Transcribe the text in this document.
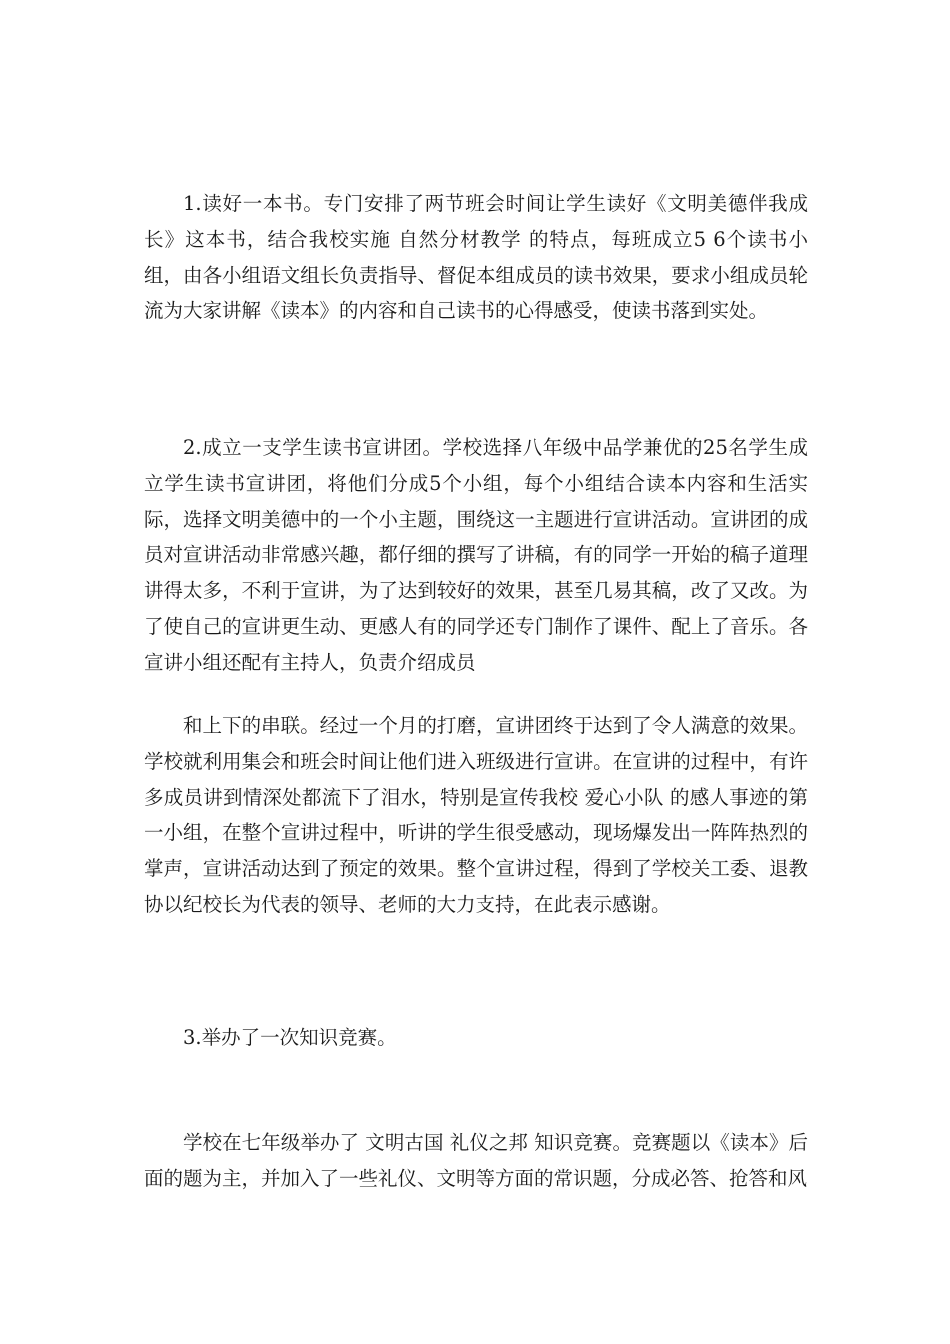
1.读好一本书。专门安排了两节班会时间让学生读好《文明美德伴我成长》这本书，结合我校实施 自然分材教学 的特点，每班成立5 6个读书小组，由各小组语文组长负责指导、督促本组成员的读书效果，要求小组成员轮流为大家讲解《读本》的内容和自己读书的心得感受，使读书落到实处。

2.成立一支学生读书宣讲团。学校选择八年级中品学兼优的25名学生成立学生读书宣讲团，将他们分成5个小组，每个小组结合读本内容和生活实际，选择文明美德中的一个小主题，围绕这一主题进行宣讲活动。宣讲团的成员对宣讲活动非常感兴趣，都仔细的撰写了讲稿，有的同学一开始的稿子道理讲得太多，不利于宣讲，为了达到较好的效果，甚至几易其稿，改了又改。为了使自己的宣讲更生动、更感人有的同学还专门制作了课件、配上了音乐。各宣讲小组还配有主持人，负责介绍成员

和上下的串联。经过一个月的打磨，宣讲团终于达到了令人满意的效果。学校就利用集会和班会时间让他们进入班级进行宣讲。在宣讲的过程中，有许多成员讲到情深处都流下了泪水，特别是宣传我校 爱心小队 的感人事迹的第一小组，在整个宣讲过程中，听讲的学生很受感动，现场爆发出一阵阵热烈的掌声，宣讲活动达到了预定的效果。整个宣讲过程，得到了学校关工委、退教协以纪校长为代表的领导、老师的大力支持，在此表示感谢。

3.举办了一次知识竞赛。

学校在七年级举办了 文明古国 礼仪之邦 知识竞赛。竞赛题以《读本》后面的题为主，并加入了一些礼仪、文明等方面的常识题，分成必答、抢答和风
